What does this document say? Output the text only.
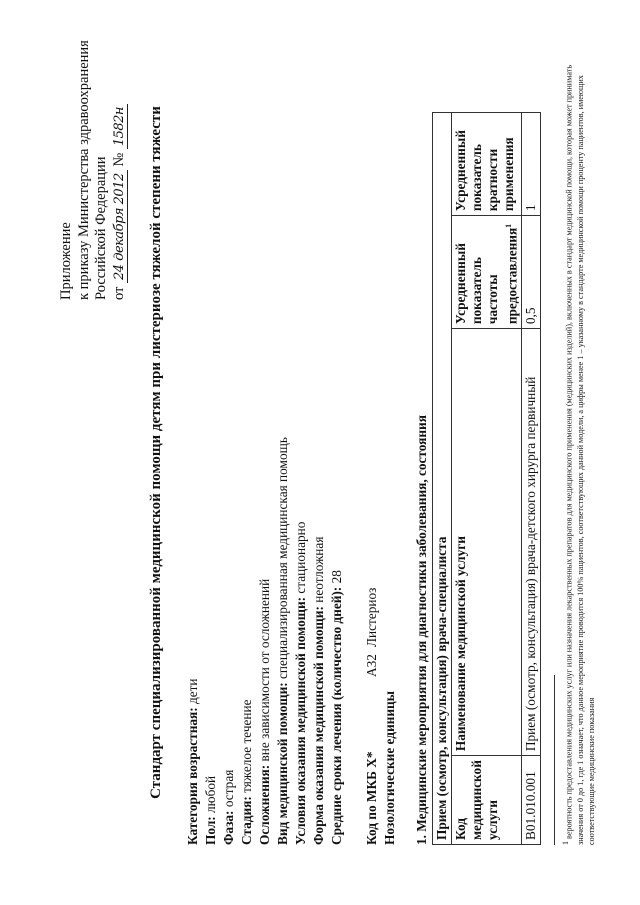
Приложение к приказу Министерства здравоохранения Российской Федерации от 24 декабря 2012 № 1582н Стандарт специализированной медицинской помощи детям при листериозе тяжелой степени тяжести Категория возрастная: дети
Пол: любой
Фаза: острая
Стадия: тяжелое течение
Осложнения: вне зависимости от осложнений Вид медицинской помощи: специализированная медицинская помощь
Условия оказания медицинской помощи: стационарно
Форма оказания медицинской помощи: неотложная
Средние сроки лечения (количество дней): 28
Код по МКБ X*A32Листериоз
Нозологические единицы 1. Медицинские мероприятия для диагностики заболевания, состояния Прием (осмотр, консультация) врача-специалиста			
Код медицинской услуги	Наименование медицинской услуги	Усредненный показатель частоты предоставления$^1$	Усредненный показатель кратности применения
B01.010.001	Прием (осмотр, консультация) врача-детского хирурга первичный	0,5	1
$^1$ вероятность предоставления медицинских услуг или назначения лекарственных препаратов для медицинского применения (медицинских изделий), включенных в стандарт медицинской помощи, которая может принимать значения от 0 до 1, где 1 означает, что данное мероприятие проводится 100% пациентов, соответствующих данной модели, а цифры менее 1 – указанному в стандарте медицинской помощи проценту пациентов, имеющих соответствующие медицинские показания
